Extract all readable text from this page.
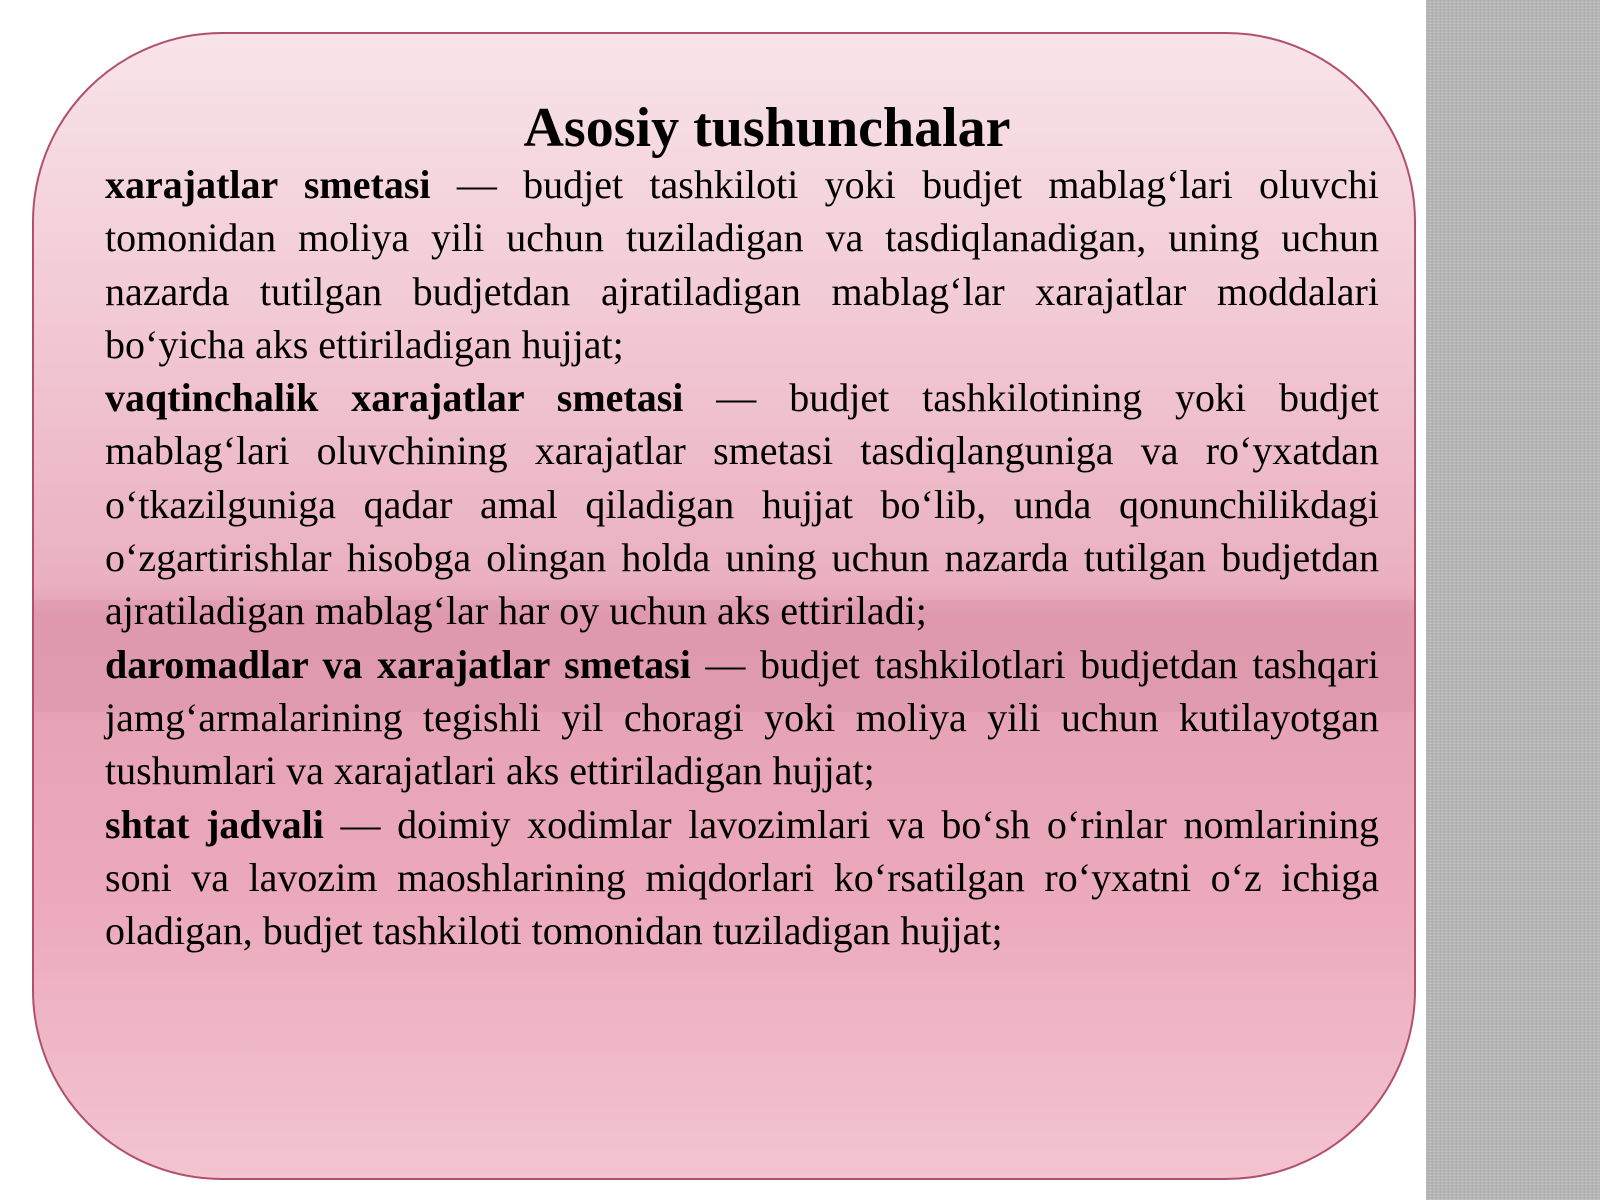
Asosiy tushunchalar

xarajatlar smetasi — budjet tashkiloti yoki budjet mablag‘lari oluvchi tomonidan moliya yili uchun tuziladigan va tasdiqlanadigan, uning uchun nazarda tutilgan budjetdan ajratiladigan mablag‘lar xarajatlar moddalari bo‘yicha aks ettiriladigan hujjat;

vaqtinchalik xarajatlar smetasi — budjet tashkilotining yoki budjet mablag‘lari oluvchining xarajatlar smetasi tasdiqlanguniga va ro‘yxatdan o‘tkazilguniga qadar amal qiladigan hujjat bo‘lib, unda qonunchilikdagi o‘zgartirishlar hisobga olingan holda uning uchun nazarda tutilgan budjetdan ajratiladigan mablag‘lar har oy uchun aks ettiriladi;

daromadlar va xarajatlar smetasi — budjet tashkilotlari budjetdan tashqari jamg‘armalarining tegishli yil choragi yoki moliya yili uchun kutilayotgan tushumlari va xarajatlari aks ettiriladigan hujjat;

shtat jadvali — doimiy xodimlar lavozimlari va bo‘sh o‘rinlar nomlarining soni va lavozim maoshlarining miqdorlari ko‘rsatilgan ro‘yxatni o‘z ichiga oladigan, budjet tashkiloti tomonidan tuziladigan hujjat;
